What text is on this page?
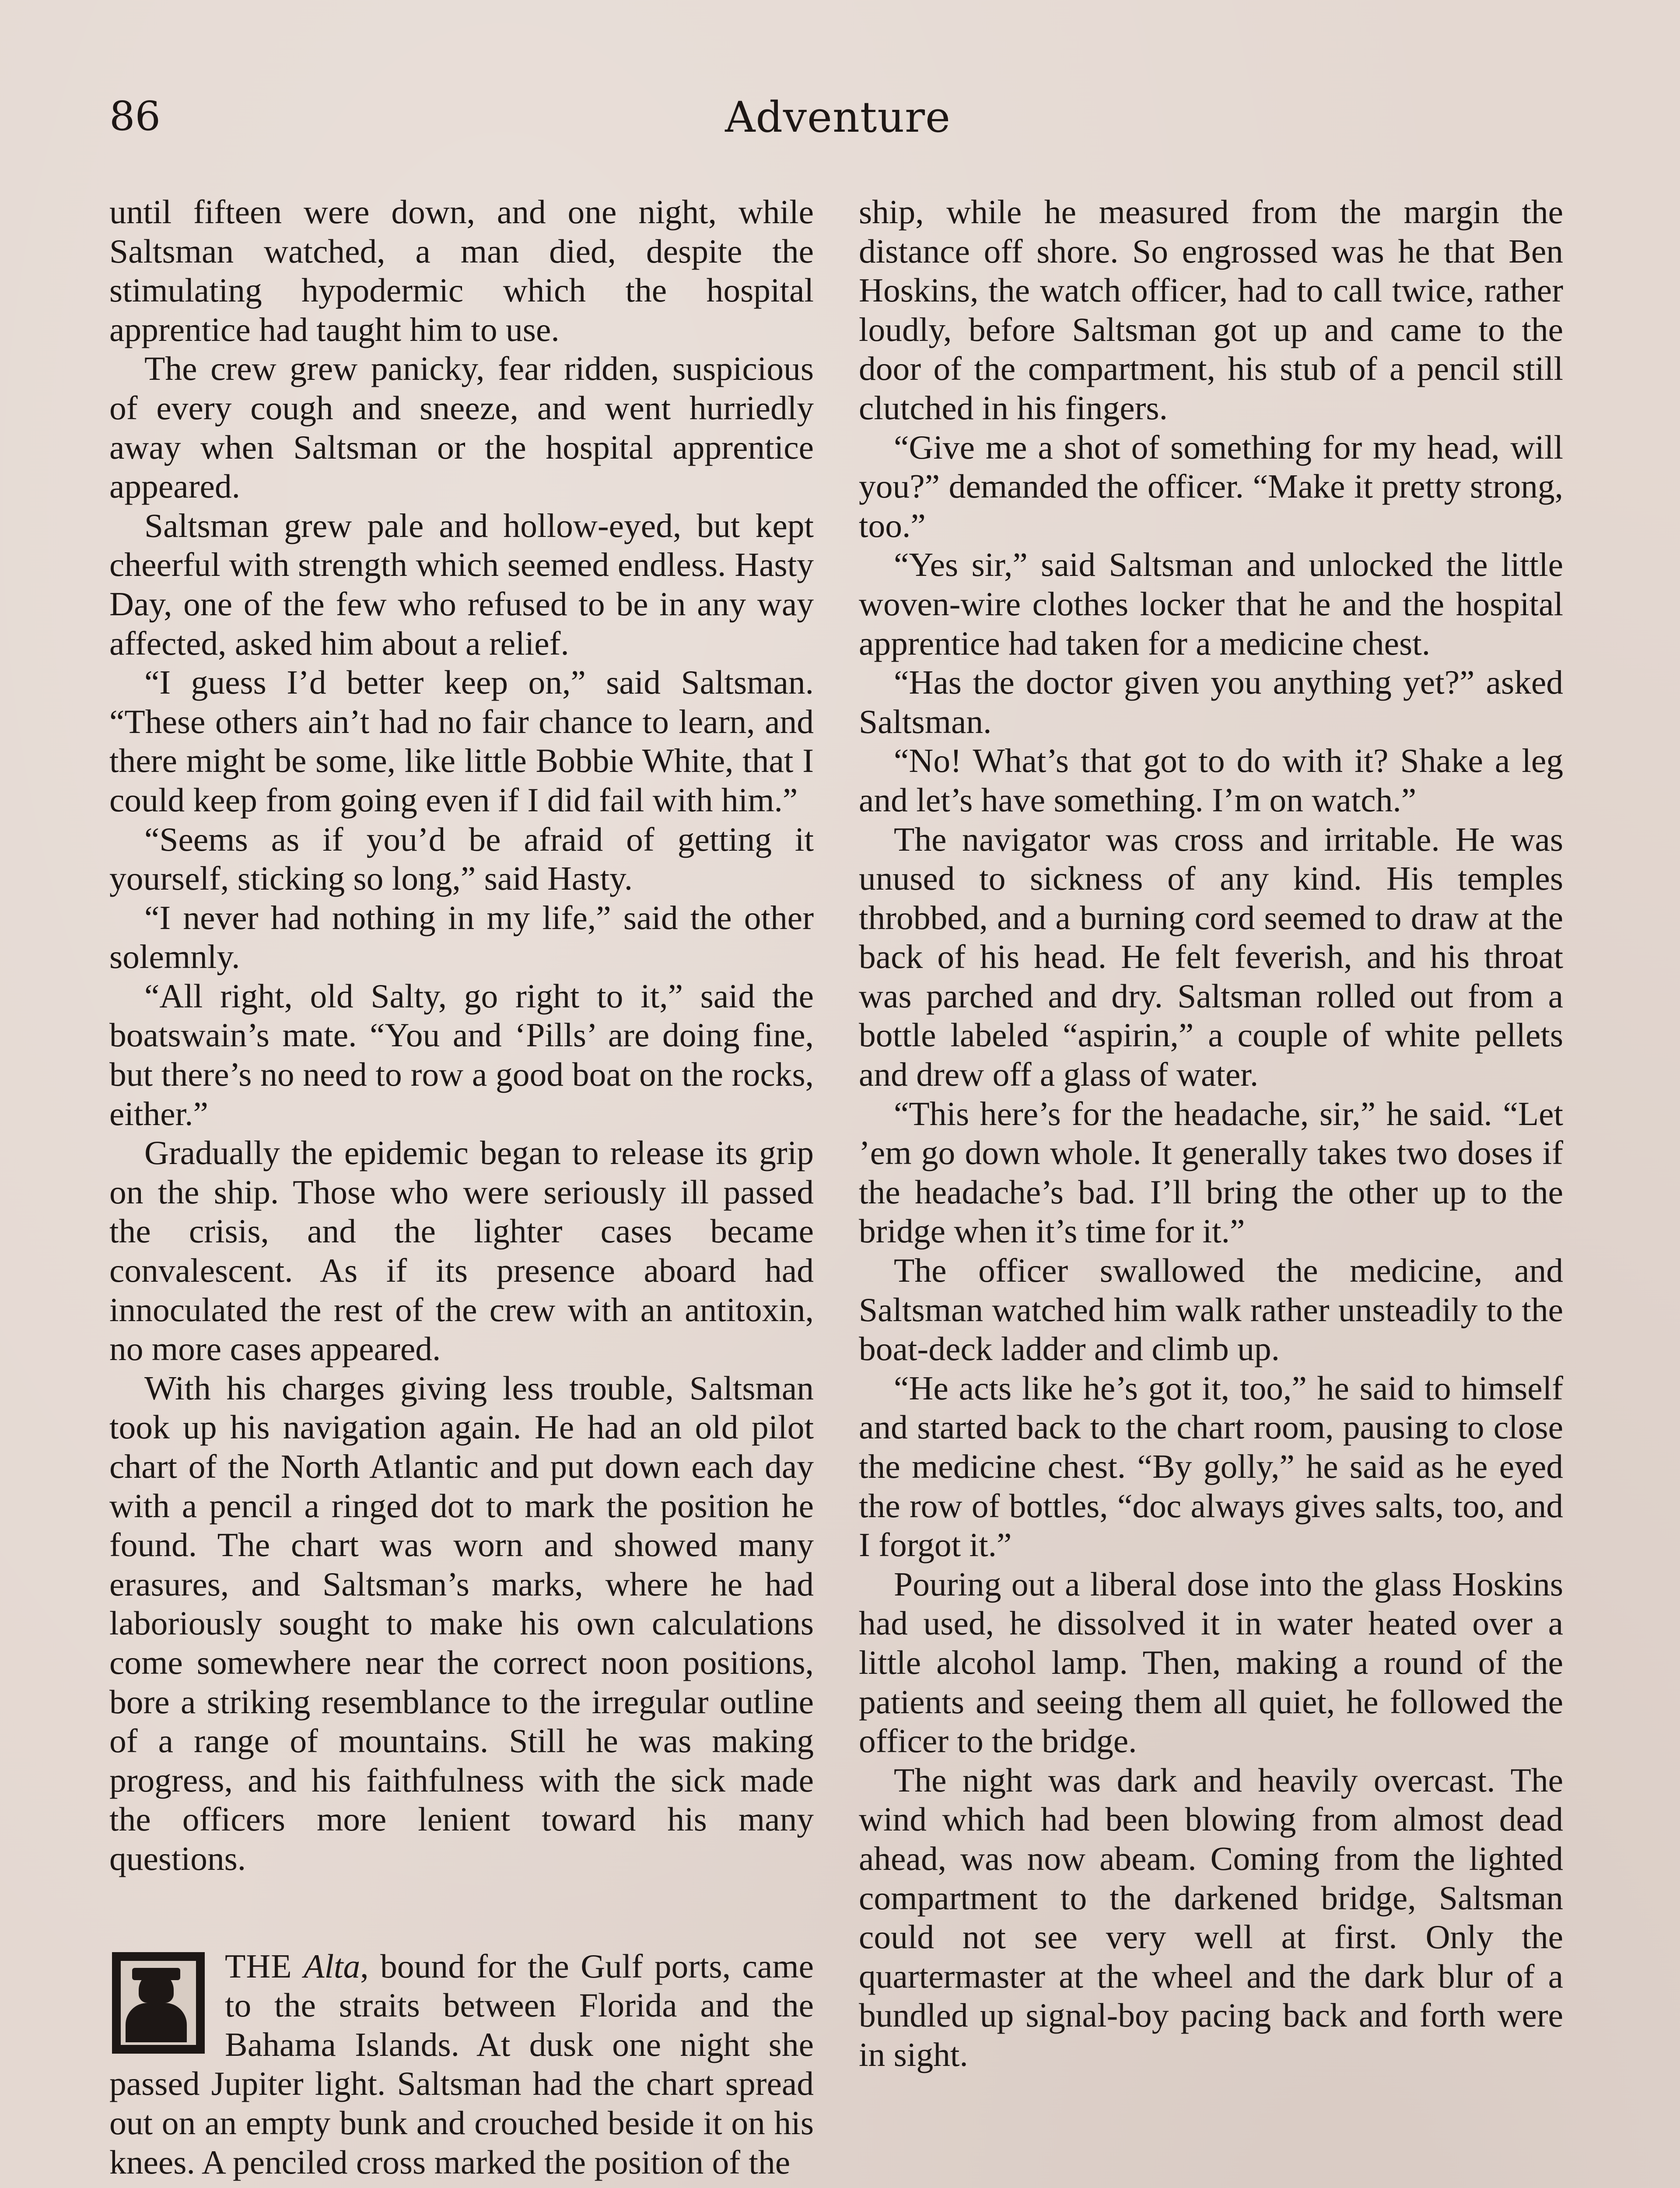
86	Adventure

until fifteen were down, and one night, while Saltsman watched, a man died, despite the stimulating hypodermic which the hospital apprentice had taught him to use.

The crew grew panicky, fear ridden, suspicious of every cough and sneeze, and went hurriedly away when Saltsman or the hospital apprentice appeared.

Saltsman grew pale and hollow-eyed, but kept cheerful with strength which seemed endless. Hasty Day, one of the few who refused to be in any way affected, asked him about a relief.

“I guess I’d better keep on,” said Saltsman. “These others ain’t had no fair chance to learn, and there might be some, like little Bobbie White, that I could keep from going even if I did fail with him.”

“Seems as if you’d be afraid of getting it yourself, sticking so long,” said Hasty.

“I never had nothing in my life,” said the other solemnly.

“All right, old Salty, go right to it,” said the boatswain’s mate. “You and ‘Pills’ are doing fine, but there’s no need to row a good boat on the rocks, either.”

Gradually the epidemic began to release its grip on the ship. Those who were seriously ill passed the crisis, and the lighter cases became convalescent. As if its presence aboard had innoculated the rest of the crew with an antitoxin, no more cases appeared.

With his charges giving less trouble, Saltsman took up his navigation again. He had an old pilot chart of the North Atlantic and put down each day with a pencil a ringed dot to mark the position he found. The chart was worn and showed many erasures, and Saltsman’s marks, where he had laboriously sought to make his own calculations come somewhere near the correct noon positions, bore a striking resemblance to the irregular outline of a range of mountains. Still he was making progress, and his faithfulness with the sick made the officers more lenient toward his many questions.

THE Alta, bound for the Gulf ports, came to the straits between Florida and the Bahama Islands. At dusk one night she passed Jupiter light. Saltsman had the chart spread out on an empty bunk and crouched beside it on his knees. A penciled cross marked the position of the

ship, while he measured from the margin the distance off shore. So engrossed was he that Ben Hoskins, the watch officer, had to call twice, rather loudly, before Saltsman got up and came to the door of the compartment, his stub of a pencil still clutched in his fingers.

“Give me a shot of something for my head, will you?” demanded the officer. “Make it pretty strong, too.”

“Yes sir,” said Saltsman and unlocked the little woven-wire clothes locker that he and the hospital apprentice had taken for a medicine chest.

“Has the doctor given you anything yet?” asked Saltsman.

“No! What’s that got to do with it? Shake a leg and let’s have something. I’m on watch.”

The navigator was cross and irritable. He was unused to sickness of any kind. His temples throbbed, and a burning cord seemed to draw at the back of his head. He felt feverish, and his throat was parched and dry. Saltsman rolled out from a bottle labeled “aspirin,” a couple of white pellets and drew off a glass of water.

“This here’s for the headache, sir,” he said. “Let ’em go down whole. It generally takes two doses if the headache’s bad. I’ll bring the other up to the bridge when it’s time for it.”

The officer swallowed the medicine, and Saltsman watched him walk rather unsteadily to the boat-deck ladder and climb up.

“He acts like he’s got it, too,” he said to himself and started back to the chart room, pausing to close the medicine chest. “By golly,” he said as he eyed the row of bottles, “doc always gives salts, too, and I forgot it.”

Pouring out a liberal dose into the glass Hoskins had used, he dissolved it in water heated over a little alcohol lamp. Then, making a round of the patients and seeing them all quiet, he followed the officer to the bridge.

The night was dark and heavily overcast. The wind which had been blowing from almost dead ahead, was now abeam. Coming from the lighted compartment to the darkened bridge, Saltsman could not see very well at first. Only the quartermaster at the wheel and the dark blur of a bundled up signal-boy pacing back and forth were in sight.
